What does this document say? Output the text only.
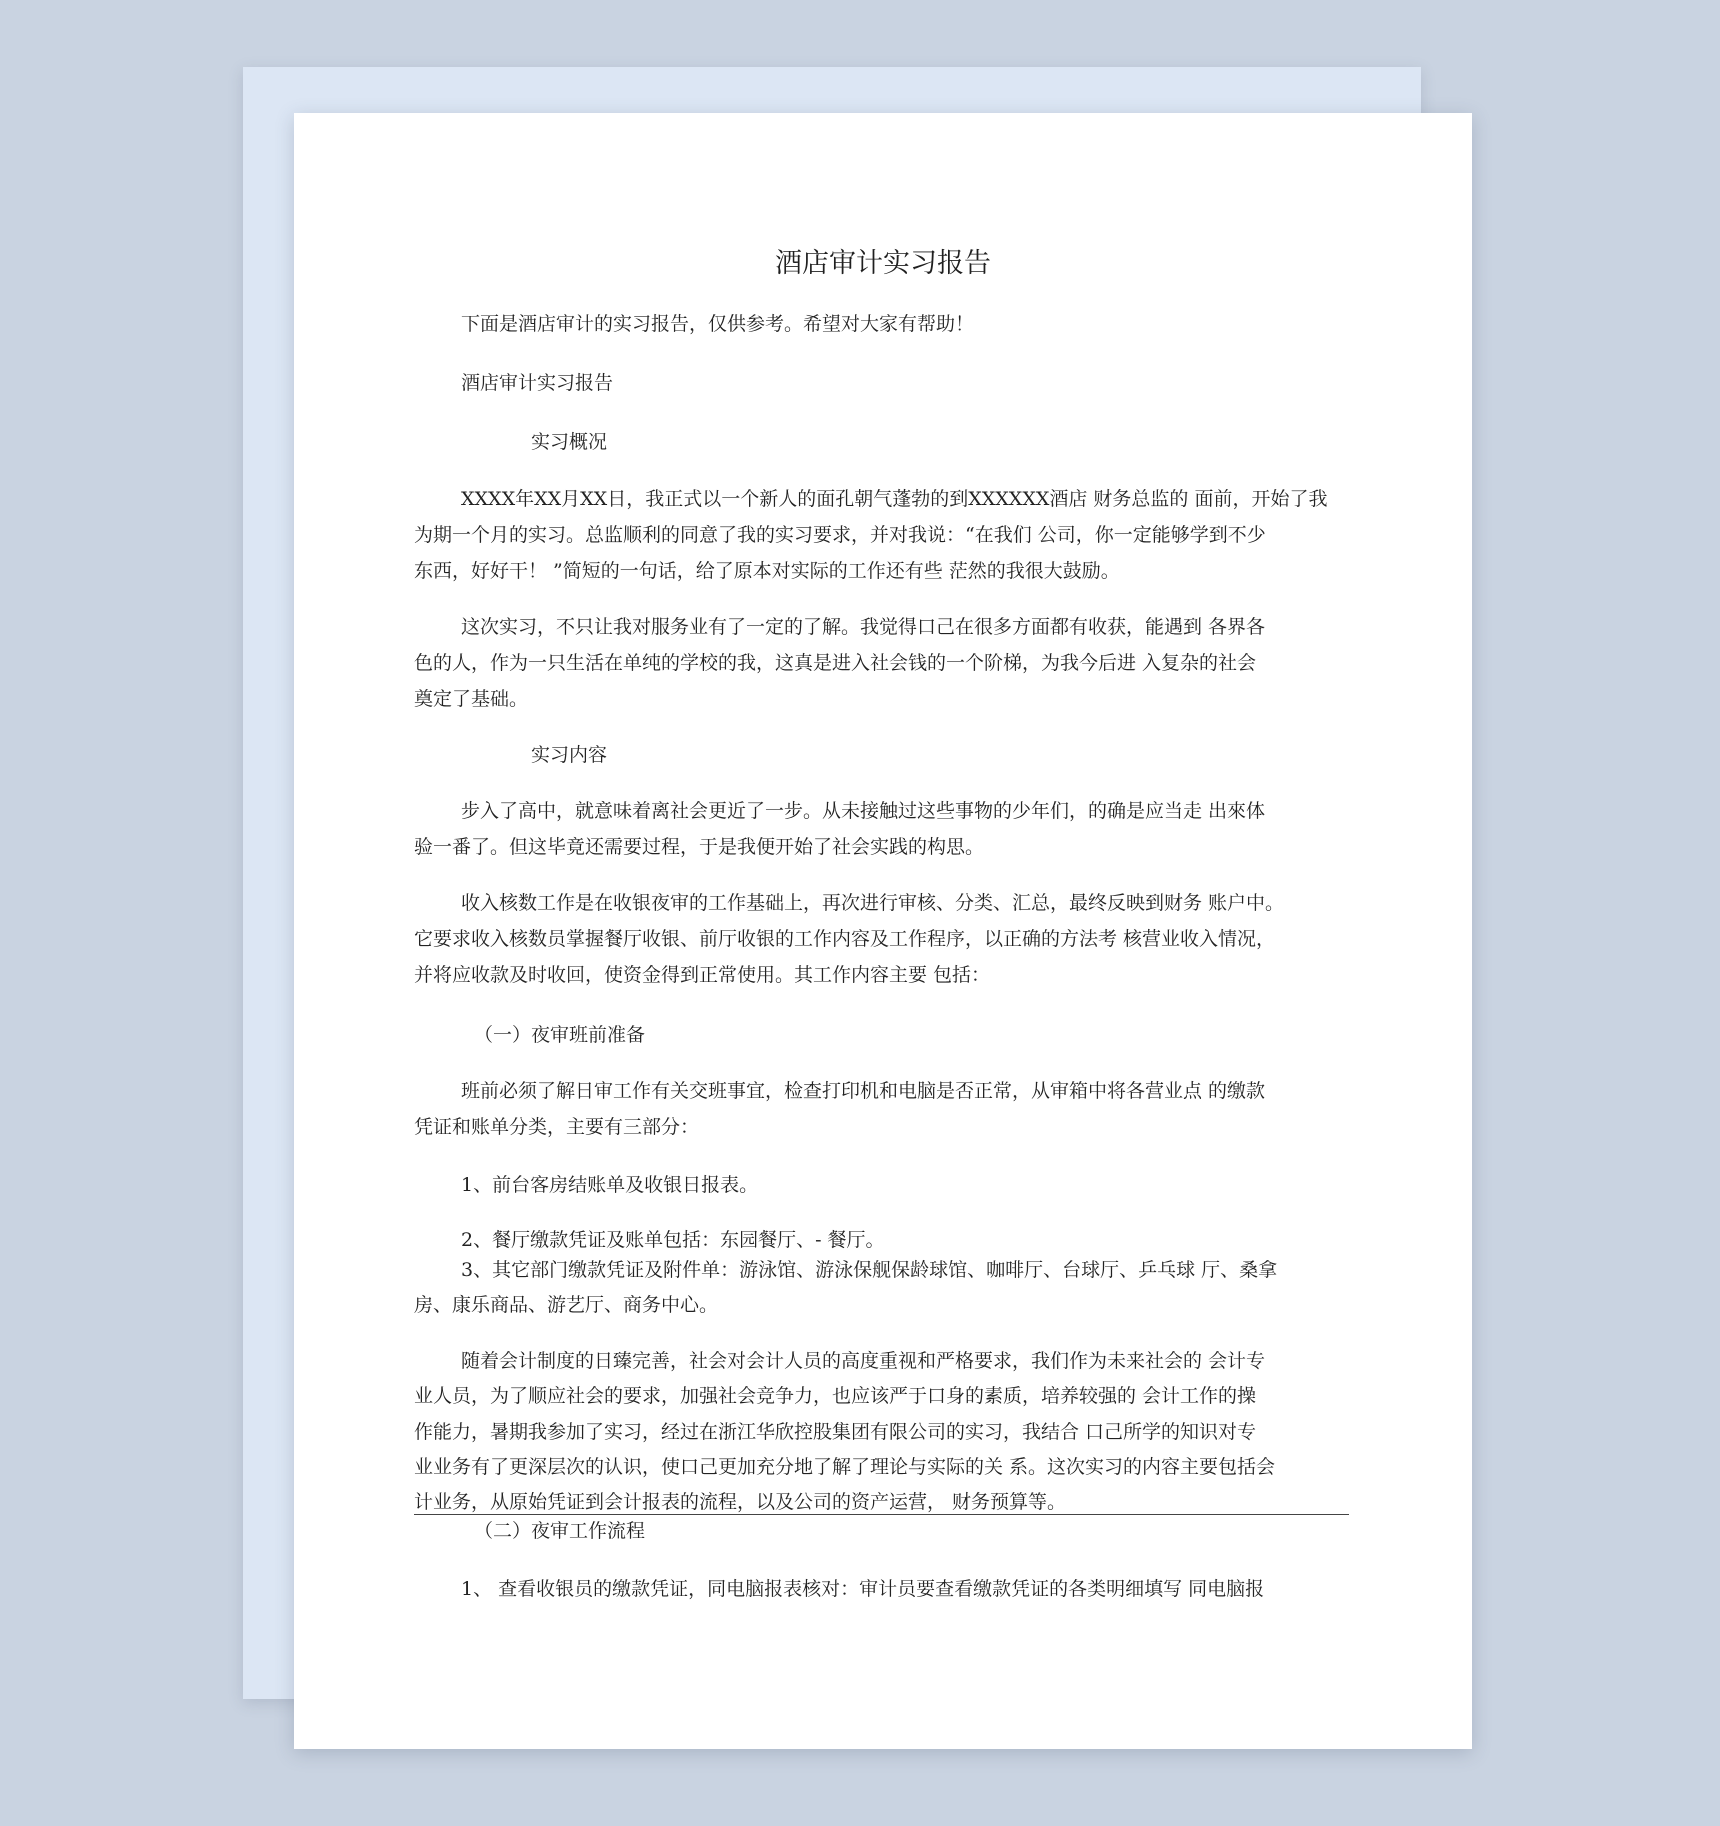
酒店审计实习报告

下面是酒店审计的实习报告，仅供参考。希望对大家有帮助！

酒店审计实习报告

实习概况

XXXX年XX月XX日，我正式以一个新人的面孔朝气蓬勃的到XXXXXX酒店 财务总监的 面前，开始了我

为期一个月的实习。总监顺利的同意了我的实习要求，并对我说：“在我们 公司，你一定能够学到不少

东西，好好干！ ”简短的一句话，给了原本对实际的工作还有些 茫然的我很大鼓励。

这次实习，不只让我对服务业有了一定的了解。我觉得口己在很多方面都有收获，能遇到 各界各

色的人，作为一只生活在单纯的学校的我，这真是进入社会钱的一个阶梯，为我今后进 入复杂的社会

奠定了基础。

实习内容

步入了高中，就意味着离社会更近了一步。从未接触过这些事物的少年们，的确是应当走 出來体

验一番了。但这毕竟还需要过程，于是我便开始了社会实践的构思。

收入核数工作是在收银夜审的工作基础上，再次进行审核、分类、汇总，最终反映到财务 账户中。

它要求收入核数员掌握餐厅收银、前厅收银的工作内容及工作程序，以正确的方法考 核营业收入情况，

并将应收款及时收回，使资金得到正常使用。其工作内容主要 包括：

（一）夜审班前准备

班前必须了解日审工作有关交班事宜，检查打印机和电脑是否正常，从审箱中将各营业点 的缴款

凭证和账单分类，主要有三部分：

1、前台客房结账单及收银日报表。

2、餐厅缴款凭证及账单包括：东园餐厅、- 餐厅。

3、其它部门缴款凭证及附件单：游泳馆、游泳保舰保龄球馆、咖啡厅、台球厅、乒乓球 厅、桑拿

房、康乐商品、游艺厅、商务中心。

随着会计制度的日臻完善，社会对会计人员的高度重视和严格要求，我们作为未来社会的 会计专

业人员，为了顺应社会的要求，加强社会竞争力，也应该严于口身的素质，培养较强的 会计工作的操

作能力，暑期我参加了实习，经过在浙江华欣控股集团有限公司的实习，我结合 口己所学的知识对专

业业务有了更深层次的认识，使口己更加充分地了解了理论与实际的关 系。这次实习的内容主要包括会

计业务，从原始凭证到会计报表的流程，以及公司的资产运营， 财务预算等。

（二）夜审工作流程

1、 查看收银员的缴款凭证，同电脑报表核对：审计员要查看缴款凭证的各类明细填写 同电脑报
